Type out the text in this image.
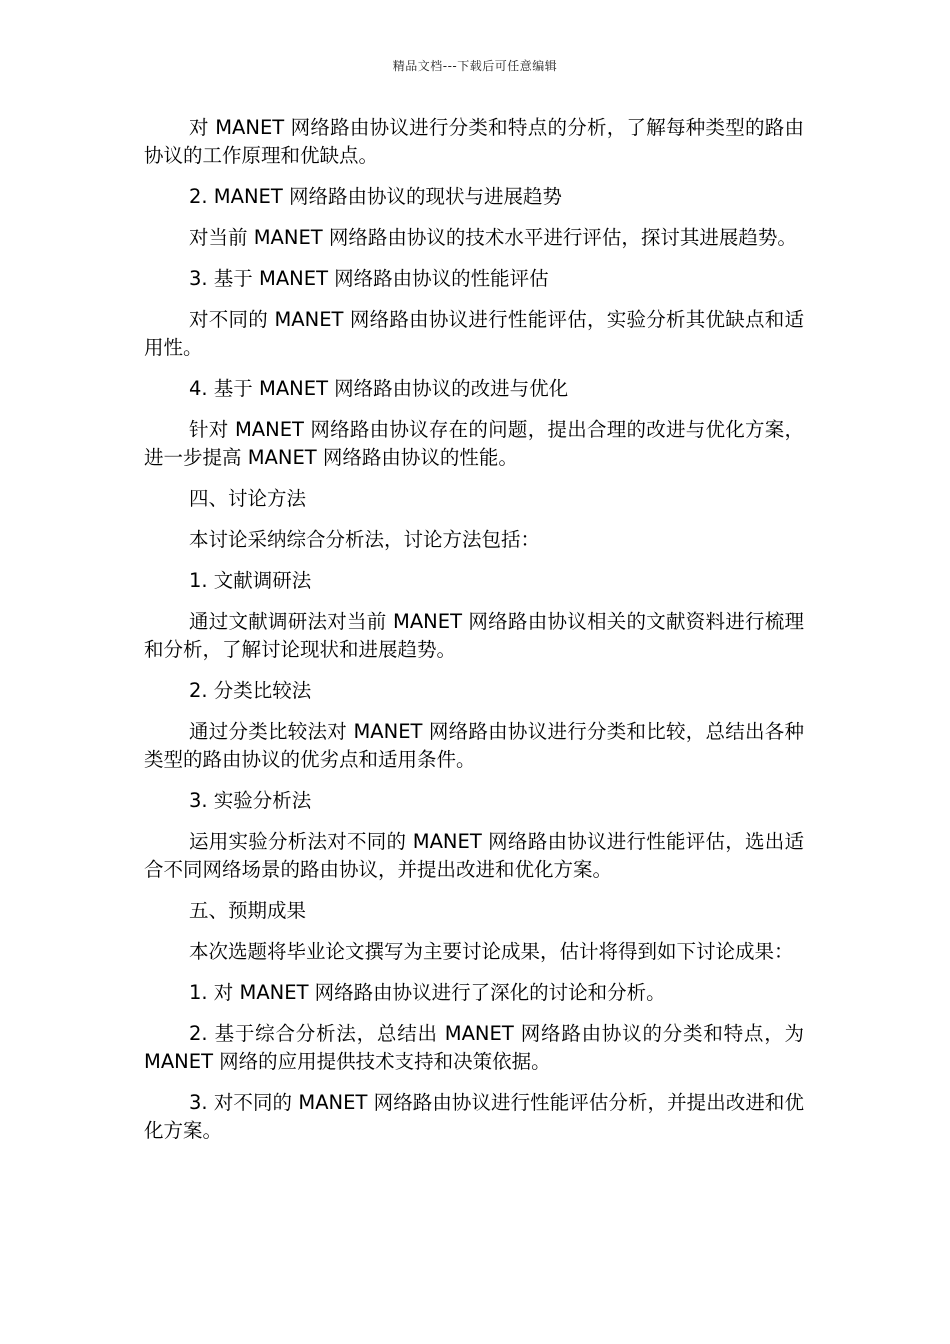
精品文档---下载后可任意编辑

对 MANET 网络路由协议进行分类和特点的分析，了解每种类型的路由协议的工作原理和优缺点。

2. MANET 网络路由协议的现状与进展趋势

对当前 MANET 网络路由协议的技术水平进行评估，探讨其进展趋势。

3. 基于 MANET 网络路由协议的性能评估

对不同的 MANET 网络路由协议进行性能评估，实验分析其优缺点和适用性。

4. 基于 MANET 网络路由协议的改进与优化

针对 MANET 网络路由协议存在的问题，提出合理的改进与优化方案，进一步提高 MANET 网络路由协议的性能。

四、讨论方法

本讨论采纳综合分析法，讨论方法包括：

1. 文献调研法

通过文献调研法对当前 MANET 网络路由协议相关的文献资料进行梳理和分析，了解讨论现状和进展趋势。

2. 分类比较法

通过分类比较法对 MANET 网络路由协议进行分类和比较，总结出各种类型的路由协议的优劣点和适用条件。

3. 实验分析法

运用实验分析法对不同的 MANET 网络路由协议进行性能评估，选出适合不同网络场景的路由协议，并提出改进和优化方案。

五、预期成果

本次选题将毕业论文撰写为主要讨论成果，估计将得到如下讨论成果：

1. 对 MANET 网络路由协议进行了深化的讨论和分析。

2. 基于综合分析法，总结出 MANET 网络路由协议的分类和特点，为 MANET 网络的应用提供技术支持和决策依据。

3. 对不同的 MANET 网络路由协议进行性能评估分析，并提出改进和优化方案。
